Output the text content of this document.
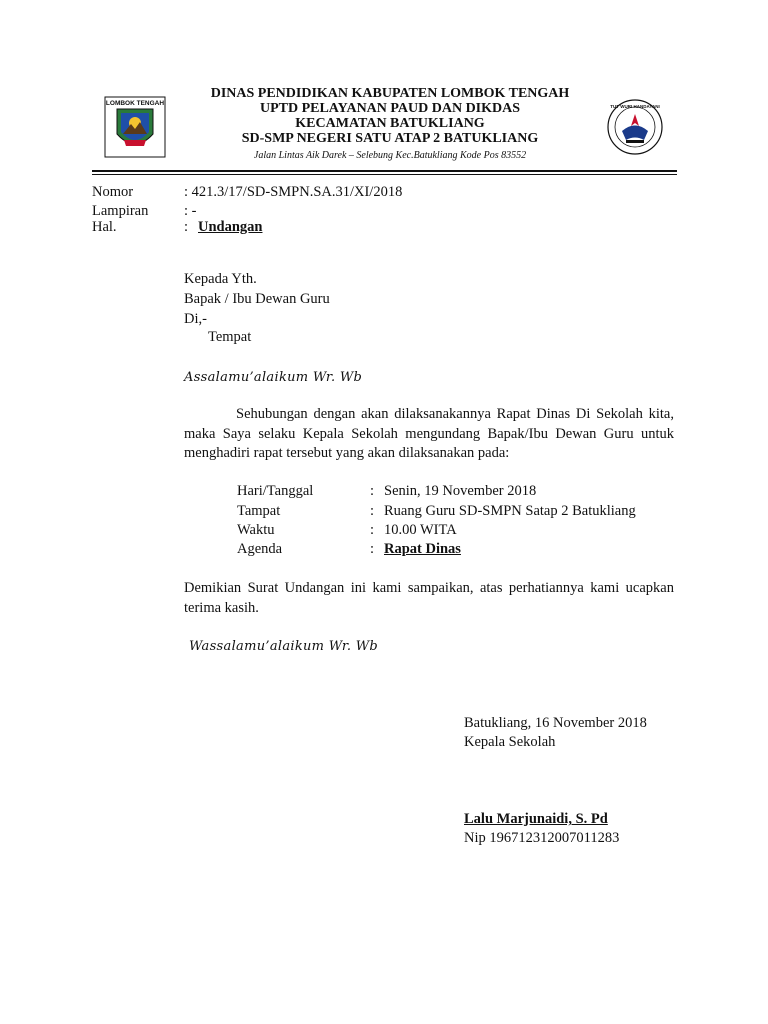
LOMBOK TENGAH	TUT WURI HANDAYANI
DINAS PENDIDIKAN KABUPATEN LOMBOK TENGAH
UPTD PELAYANAN PAUD DAN DIKDAS
KECAMATAN BATUKLIANG
SD-SMP NEGERI SATU ATAP 2 BATUKLIANG
Jalan Lintas Aik Darek – Selebung Kec.Batukliang Kode Pos 83552
Nomor	: 421.3/17/SD-SMPN.SA.31/XI/2018
Lampiran : -
Hal.	: Undangan
Kepada Yth.
Bapak / Ibu Dewan Guru
Di,-
Tempat
Assalamu’alaikum Wr. Wb
Sehubungan dengan akan dilaksanakannya Rapat Dinas Di Sekolah kita, maka Saya selaku Kepala Sekolah mengundang Bapak/Ibu Dewan Guru untuk menghadiri rapat tersebut yang akan dilaksanakan pada:
Hari/Tanggal	: Senin, 19 November 2018
Tampat	: Ruang Guru SD-SMPN Satap 2 Batukliang
Waktu	: 10.00 WITA
Agenda	: Rapat Dinas
Demikian Surat Undangan ini kami sampaikan, atas perhatiannya kami ucapkan terima kasih.
Wassalamu’alaikum Wr. Wb
Batukliang, 16 November 2018
Kepala Sekolah
Lalu Marjunaidi, S. Pd
Nip 196712312007011283
